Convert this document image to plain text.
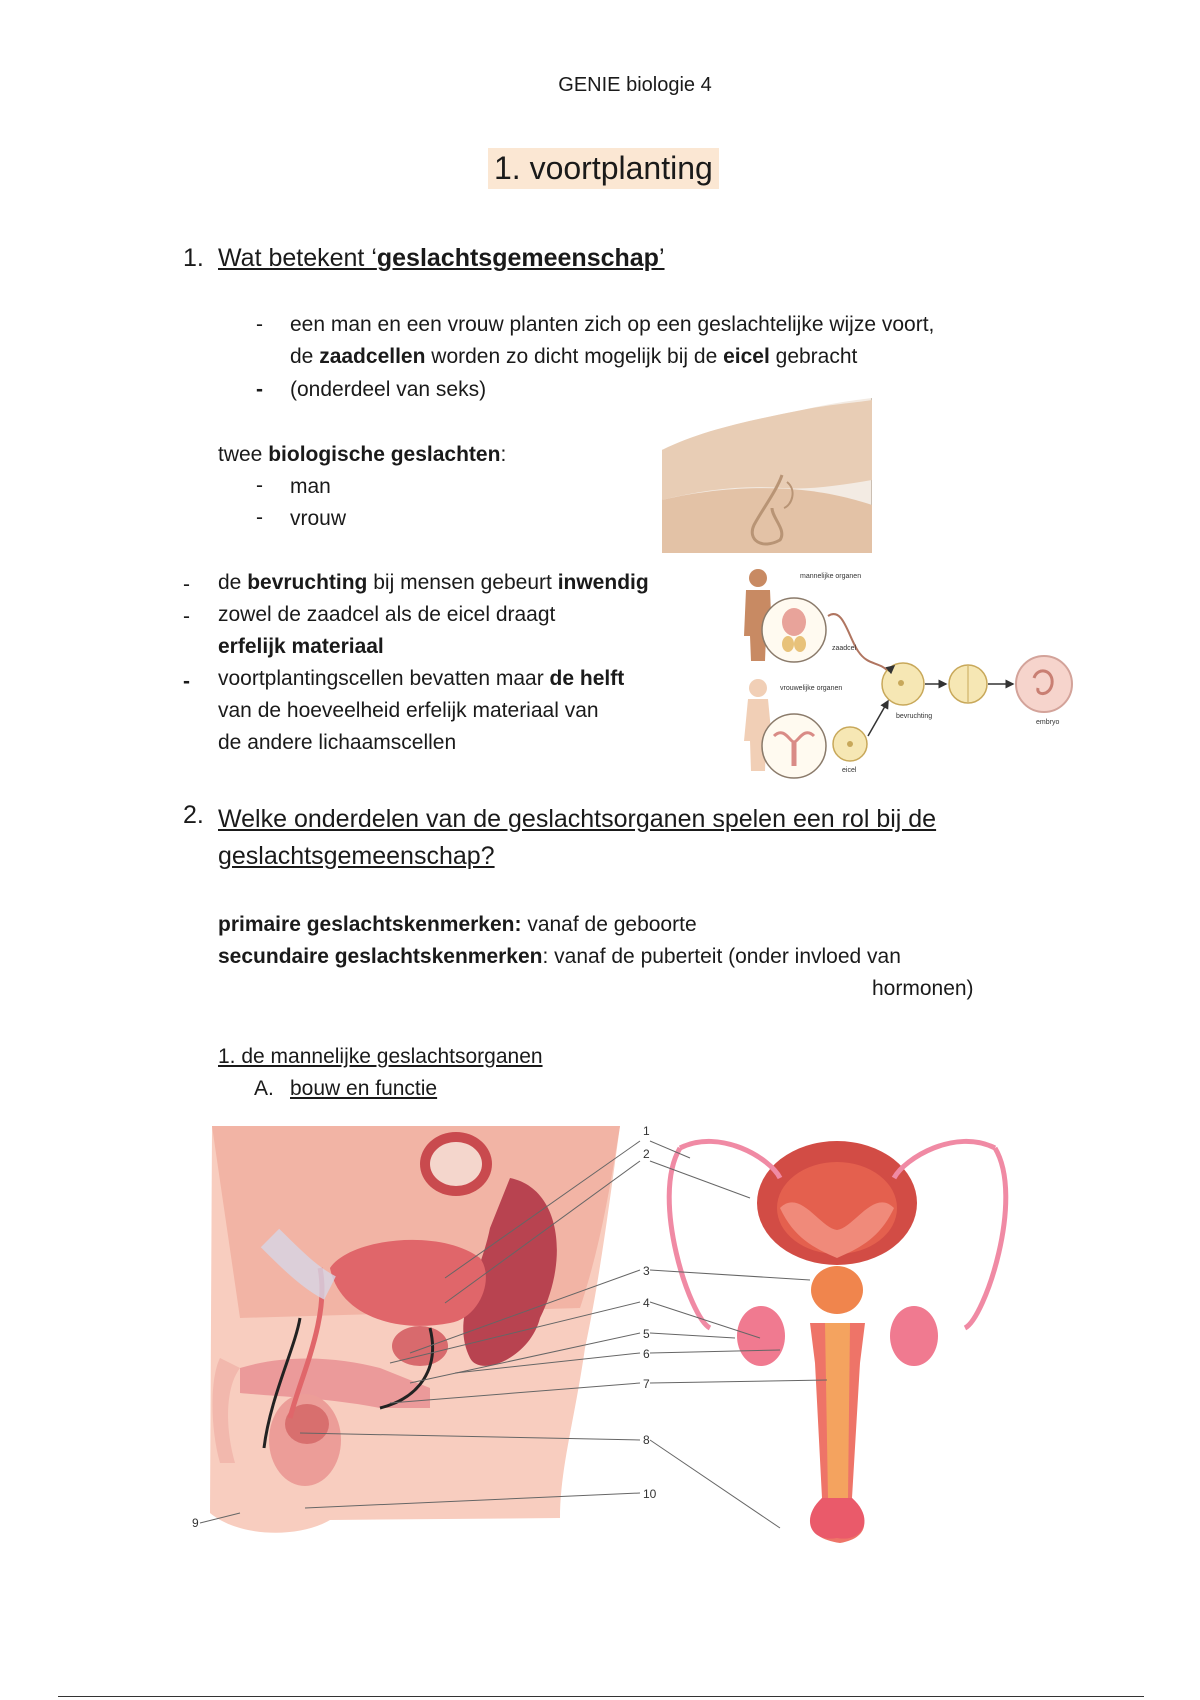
GENIE biologie 4
1. voortplanting
1. Wat betekent ‘geslachtsgemeenschap’
- een man en een vrouw planten zich op een geslachtelijke wijze voort,
de zaadcellen worden zo dicht mogelijk bij de eicel gebracht
- (onderdeel van seks)
twee biologische geslachten:
- man
- vrouw
- de bevruchting bij mensen gebeurt inwendig
- zowel de zaadcel als de eicel draagt
erfelijk materiaal
- voortplantingscellen bevatten maar de helft
van de hoeveelheid erfelijk materiaal van
de andere lichaamscellen
mannelijke organen
vrouwelijke organen
zaadcel
eicel
bevruchting
embryo
2. Welke onderdelen van de geslachtsorganen spelen een rol bij de
geslachtsgemeenschap?
primaire geslachtskenmerken: vanaf de geboorte
secundaire geslachtskenmerken: vanaf de puberteit (onder invloed van
hormonen)
1. de mannelijke geslachtsorganen
A. bouw en functie
1
2
3
4
5
6
7
8
9
10
